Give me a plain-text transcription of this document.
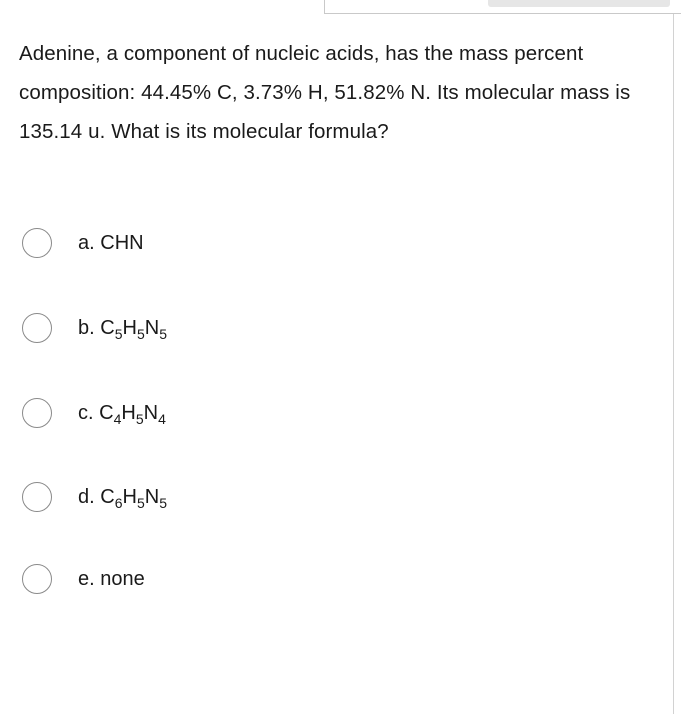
Adenine, a component of nucleic acids, has the mass percent composition: 44.45% C, 3.73% H, 51.82% N. Its molecular mass is 135.14 u. What is its molecular formula?

a. CHN
b. $C_5H_5N_5$
c. $C_4H_5N_4$
d. $C_6H_5N_5$
e. none
